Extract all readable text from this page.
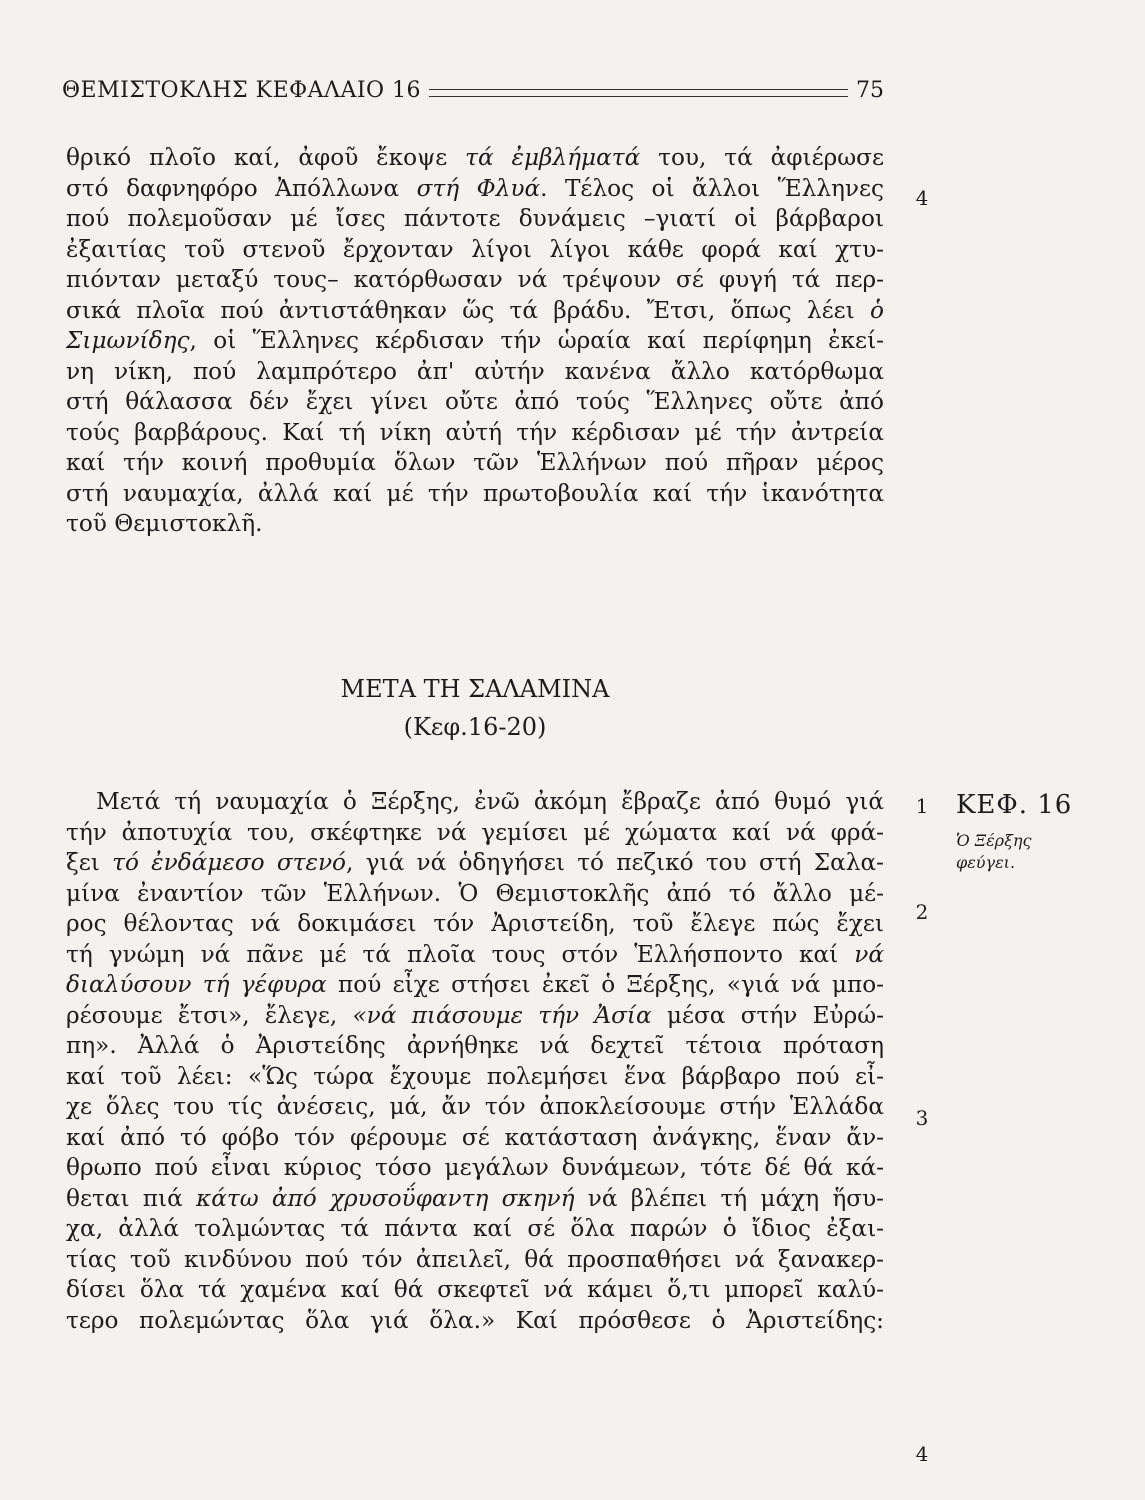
ΘΕΜΙΣΤΟΚΛΗΣ ΚΕΦΑΛΑΙΟ 16	75
θρικό πλοῖο καί, ἀφοῦ ἔκοψε τά ἐμβλήματά του, τά ἀφιέρωσε
στό δαφνηφόρο Ἀπόλλωνα στή Φλυά. Τέλος οἱ ἄλλοι Ἕλληνες
πού πολεμοῦσαν μέ ἴσες πάντοτε δυνάμεις –γιατί οἱ βάρβαροι
ἐξαιτίας τοῦ στενοῦ ἔρχονταν λίγοι λίγοι κάθε φορά καί χτυ-
πιόνταν μεταξύ τους– κατόρθωσαν νά τρέψουν σέ φυγή τά περ-
σικά πλοῖα πού ἀντιστάθηκαν ὥς τά βράδυ. Ἔτσι, ὅπως λέει ὁ
Σιμωνίδης, οἱ Ἕλληνες κέρδισαν τήν ὡραία καί περίφημη ἐκεί-
νη νίκη, πού λαμπρότερο ἀπ' αὐτήν κανένα ἄλλο κατόρθωμα
στή θάλασσα δέν ἔχει γίνει οὔτε ἀπό τούς Ἕλληνες οὔτε ἀπό
τούς βαρβάρους. Καί τή νίκη αὐτή τήν κέρδισαν μέ τήν ἀντρεία
καί τήν κοινή προθυμία ὅλων τῶν Ἑλλήνων πού πῆραν μέρος
στή ναυμαχία, ἀλλά καί μέ τήν πρωτοβουλία καί τήν ἱκανότητα
τοῦ Θεμιστοκλῆ.
ΜΕΤΑ ΤΗ ΣΑΛΑΜΙΝΑ
(Κεφ.16-20)
Μετά τή ναυμαχία ὁ Ξέρξης, ἐνῶ ἀκόμη ἔβραζε ἀπό θυμό γιά
τήν ἀποτυχία του, σκέφτηκε νά γεμίσει μέ χώματα καί νά φρά-
ξει τό ἐνδάμεσο στενό, γιά νά ὁδηγήσει τό πεζικό του στή Σαλα-
μίνα ἐναντίον τῶν Ἑλλήνων. Ὁ Θεμιστοκλῆς ἀπό τό ἄλλο μέ-
ρος θέλοντας νά δοκιμάσει τόν Ἀριστείδη, τοῦ ἔλεγε πώς ἔχει
τή γνώμη νά πᾶνε μέ τά πλοῖα τους στόν Ἑλλήσποντο καί νά
διαλύσουν τή γέφυρα πού εἶχε στήσει ἐκεῖ ὁ Ξέρξης, «γιά νά μπο-
ρέσουμε ἔτσι», ἔλεγε, «νά πιάσουμε τήν Ἀσία μέσα στήν Εὐρώ-
πη». Ἀλλά ὁ Ἀριστείδης ἀρνήθηκε νά δεχτεῖ τέτοια πρόταση
καί τοῦ λέει: «Ὥς τώρα ἔχουμε πολεμήσει ἕνα βάρβαρο πού εἶ-
χε ὅλες του τίς ἀνέσεις, μά, ἄν τόν ἀποκλείσουμε στήν Ἑλλάδα
καί ἀπό τό φόβο τόν φέρουμε σέ κατάσταση ἀνάγκης, ἕναν ἄν-
θρωπο πού εἶναι κύριος τόσο μεγάλων δυνάμεων, τότε δέ θά κά-
θεται πιά κάτω ἀπό χρυσοΰφαντη σκηνή νά βλέπει τή μάχη ἥσυ-
χα, ἀλλά τολμώντας τά πάντα καί σέ ὅλα παρών ὁ ἴδιος ἐξαι-
τίας τοῦ κινδύνου πού τόν ἀπειλεῖ, θά προσπαθήσει νά ξανακερ-
δίσει ὅλα τά χαμένα καί θά σκεφτεῖ νά κάμει ὅ,τι μπορεῖ καλύ-
τερο πολεμώντας ὅλα γιά ὅλα.» Καί πρόσθεσε ὁ Ἀριστείδης:
4
1
2
3
4
ΚΕΦ. 16
Ὁ Ξέρξης
φεύγει.
